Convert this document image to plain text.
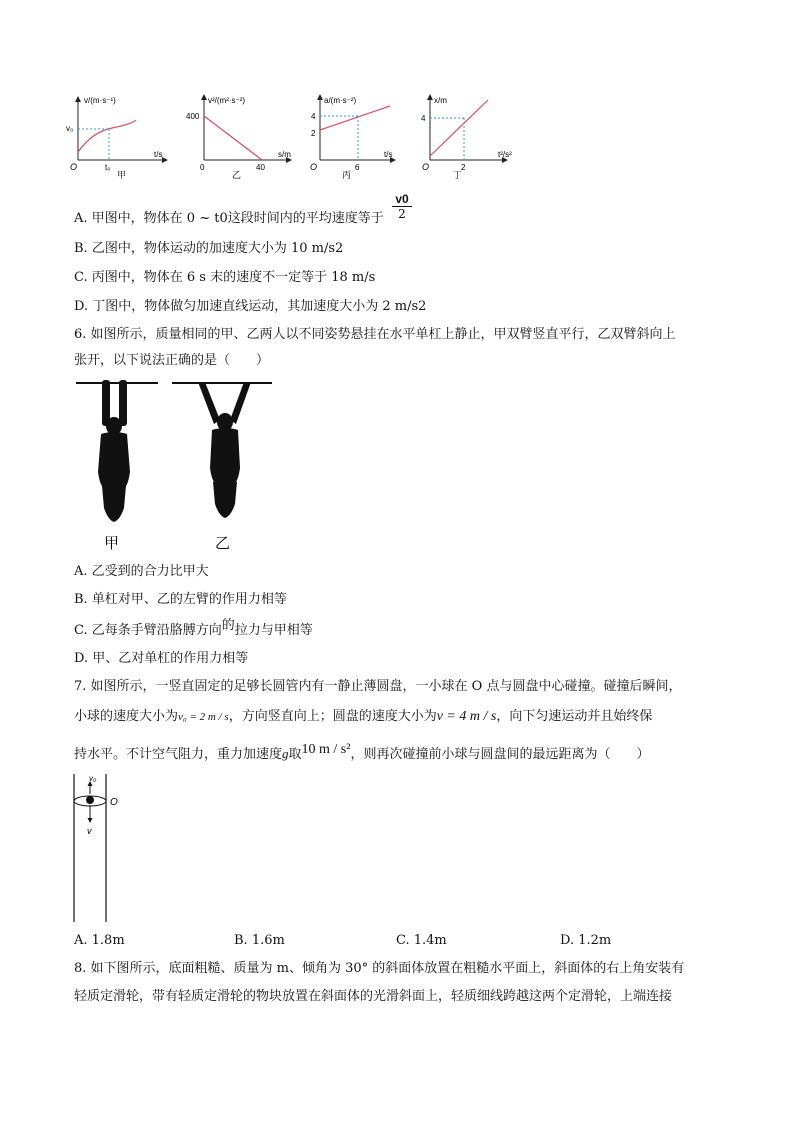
v/(m·s⁻¹)
t/s
O
v₀
t₀
甲
v²/(m²·s⁻²)
s/m
0
400
40
乙
a/(m·s⁻²)
t/s
O
4
2
6
丙
x/m
t²/s²
O
4
2
丁
A. 甲图中，物体在 0 ~ t0这段时间内的平均速度等于 $\frac{v0}{2}$
B. 乙图中，物体运动的加速度大小为 10 m/s2
C. 丙图中，物体在 6 s 末的速度不一定等于 18 m/s
D. 丁图中，物体做匀加速直线运动，其加速度大小为 2 m/s2
6. 如图所示，质量相同的甲、乙两人以不同姿势悬挂在水平单杠上静止，甲双臂竖直平行，乙双臂斜向上
张开，以下说法正确的是（　　）
甲	乙
A. 乙受到的合力比甲大
B. 单杠对甲、乙的左臂的作用力相等
C. 乙每条手臂沿胳膊方向的拉力与甲相等
D. 甲、乙对单杠的作用力相等
7. 如图所示，一竖直固定的足够长圆管内有一静止薄圆盘，一小球在 O 点与圆盘中心碰撞。碰撞后瞬间，
小球的速度大小为v₀ = 2 m / s，方向竖直向上；圆盘的速度大小为v = 4 m / s，向下匀速运动并且始终保
持水平。不计空气阻力，重力加速度g取10 m / s²，则再次碰撞前小球与圆盘间的最远距离为（　　）
v₀
O
v
A. 1.8m	B. 1.6m	C. 1.4m	D. 1.2m
8. 如下图所示，底面粗糙、质量为 m、倾角为 30° 的斜面体放置在粗糙水平面上，斜面体的右上角安装有
轻质定滑轮，带有轻质定滑轮的物块放置在斜面体的光滑斜面上，轻质细线跨越这两个定滑轮，上端连接
